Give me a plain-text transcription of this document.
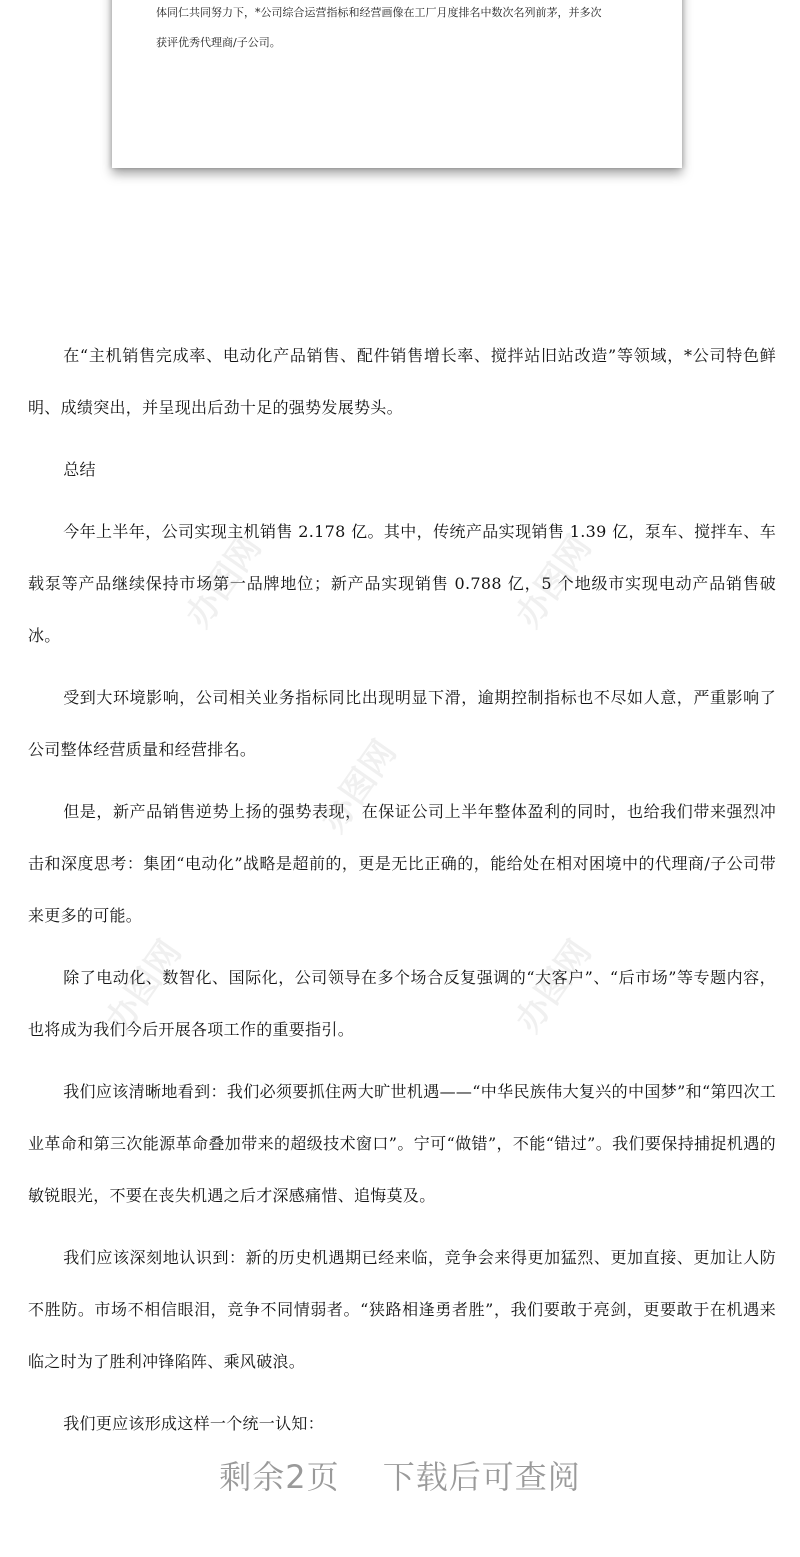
体同仁共同努力下，*公司综合运营指标和经营画像在工厂月度排名中数次名列前茅，并多次

获评优秀代理商/子公司。

办图网	办图网
办图网
办图网	办图网

在“主机销售完成率、电动化产品销售、配件销售增长率、搅拌站旧站改造”等领域，*公司特色鲜明、成绩突出，并呈现出后劲十足的强势发展势头。

总结

今年上半年，公司实现主机销售 2.178 亿。其中，传统产品实现销售 1.39 亿，泵车、搅拌车、车载泵等产品继续保持市场第一品牌地位；新产品实现销售 0.788 亿，5 个地级市实现电动产品销售破冰。

受到大环境影响，公司相关业务指标同比出现明显下滑，逾期控制指标也不尽如人意，严重影响了公司整体经营质量和经营排名。

但是，新产品销售逆势上扬的强势表现，在保证公司上半年整体盈利的同时，也给我们带来强烈冲击和深度思考：集团“电动化”战略是超前的，更是无比正确的，能给处在相对困境中的代理商/子公司带来更多的可能。

除了电动化、数智化、国际化，公司领导在多个场合反复强调的“大客户”、“后市场”等专题内容，也将成为我们今后开展各项工作的重要指引。

我们应该清晰地看到：我们必须要抓住两大旷世机遇——“中华民族伟大复兴的中国梦”和“第四次工业革命和第三次能源革命叠加带来的超级技术窗口”。宁可“做错”，不能“错过”。我们要保持捕捉机遇的敏锐眼光，不要在丧失机遇之后才深感痛惜、追悔莫及。

我们应该深刻地认识到：新的历史机遇期已经来临，竞争会来得更加猛烈、更加直接、更加让人防不胜防。市场不相信眼泪，竞争不同情弱者。“狭路相逢勇者胜”，我们要敢于亮剑，更要敢于在机遇来临之时为了胜利冲锋陷阵、乘风破浪。

我们更应该形成这样一个统一认知：

剩余2页 下载后可查阅
